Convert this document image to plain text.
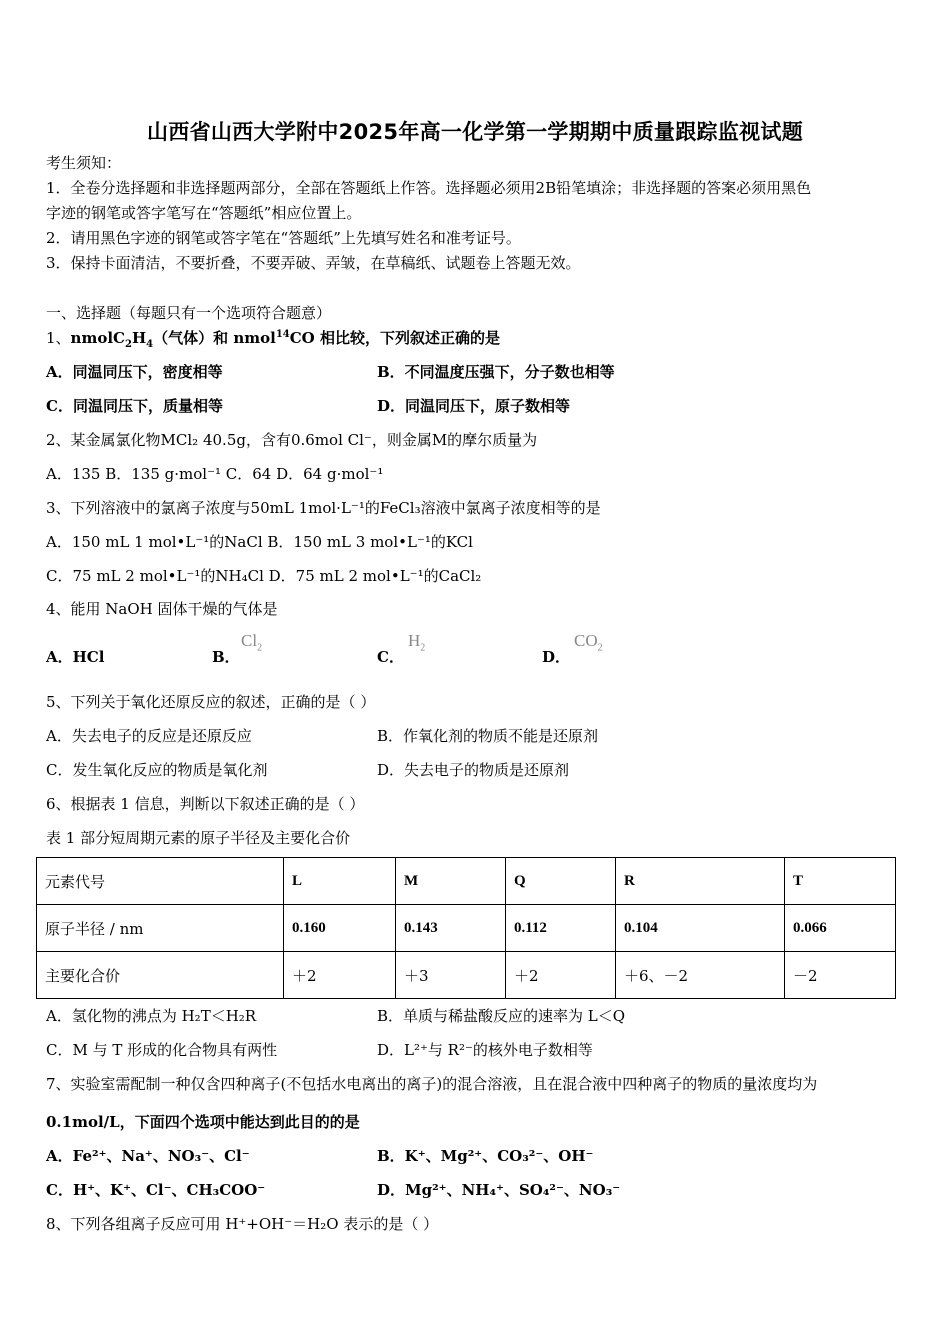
山西省山西大学附中2025年高一化学第一学期期中质量跟踪监视试题
考生须知：
1．全卷分选择题和非选择题两部分，全部在答题纸上作答。选择题必须用2B铅笔填涂；非选择题的答案必须用黑色
字迹的钢笔或答字笔写在“答题纸”相应位置上。
2．请用黑色字迹的钢笔或答字笔在“答题纸”上先填写姓名和准考证号。
3．保持卡面清洁，不要折叠，不要弄破、弄皱，在草稿纸、试题卷上答题无效。
一、选择题（每题只有一个选项符合题意）
1、$nmolC_2H_4$（气体）和 nmol$^{14}$CO 相比较，下列叙述正确的是
A．同温同压下，密度相等	B．不同温度压强下，分子数也相等
C．同温同压下，质量相等	D．同温同压下，原子数相等
2、某金属氯化物MCl₂ 40.5g，含有0.6mol Cl⁻，则金属M的摩尔质量为
A．135 B．135 g·mol⁻¹ C．64 D．64 g·mol⁻¹
3、下列溶液中的氯离子浓度与50mL 1mol·L⁻¹的FeCl₃溶液中氯离子浓度相等的是
A．150 mL 1 mol•L⁻¹的NaCl B．150 mL 3 mol•L⁻¹的KCl
C．75 mL 2 mol•L⁻¹的NH₄Cl D．75 mL 2 mol•L⁻¹的CaCl₂
4、能用 NaOH 固体干燥的气体是
A．HCl	B．
$Cl_2$
C．
$H_2$
D．
$CO_2$
5、下列关于氧化还原反应的叙述，正确的是（ ）
A．失去电子的反应是还原反应	B．作氧化剂的物质不能是还原剂
C．发生氧化反应的物质是氧化剂	D．失去电子的物质是还原剂
6、根据表 1 信息，判断以下叙述正确的是（ ）
表 1 部分短周期元素的原子半径及主要化合价
元素代号	L	M	Q	R	T
原子半径 / nm	0.160	0.143	0.112	0.104	0.066
主要化合价	＋2	＋3	＋2	＋6、－2	－2
A．氢化物的沸点为 H₂T＜H₂R	B．单质与稀盐酸反应的速率为 L＜Q
C．M 与 T 形成的化合物具有两性	D．L²⁺与 R²⁻的核外电子数相等
7、实验室需配制一种仅含四种离子(不包括水电离出的离子)的混合溶液，且在混合液中四种离子的物质的量浓度均为
0.1mol/L，下面四个选项中能达到此目的的是
A．Fe²⁺、Na⁺、NO₃⁻、Cl⁻	B．K⁺、Mg²⁺、CO₃²⁻、OH⁻
C．H⁺、K⁺、Cl⁻、CH₃COO⁻	D．Mg²⁺、NH₄⁺、SO₄²⁻、NO₃⁻
8、下列各组离子反应可用 H⁺+OH⁻＝H₂O 表示的是（ ）
